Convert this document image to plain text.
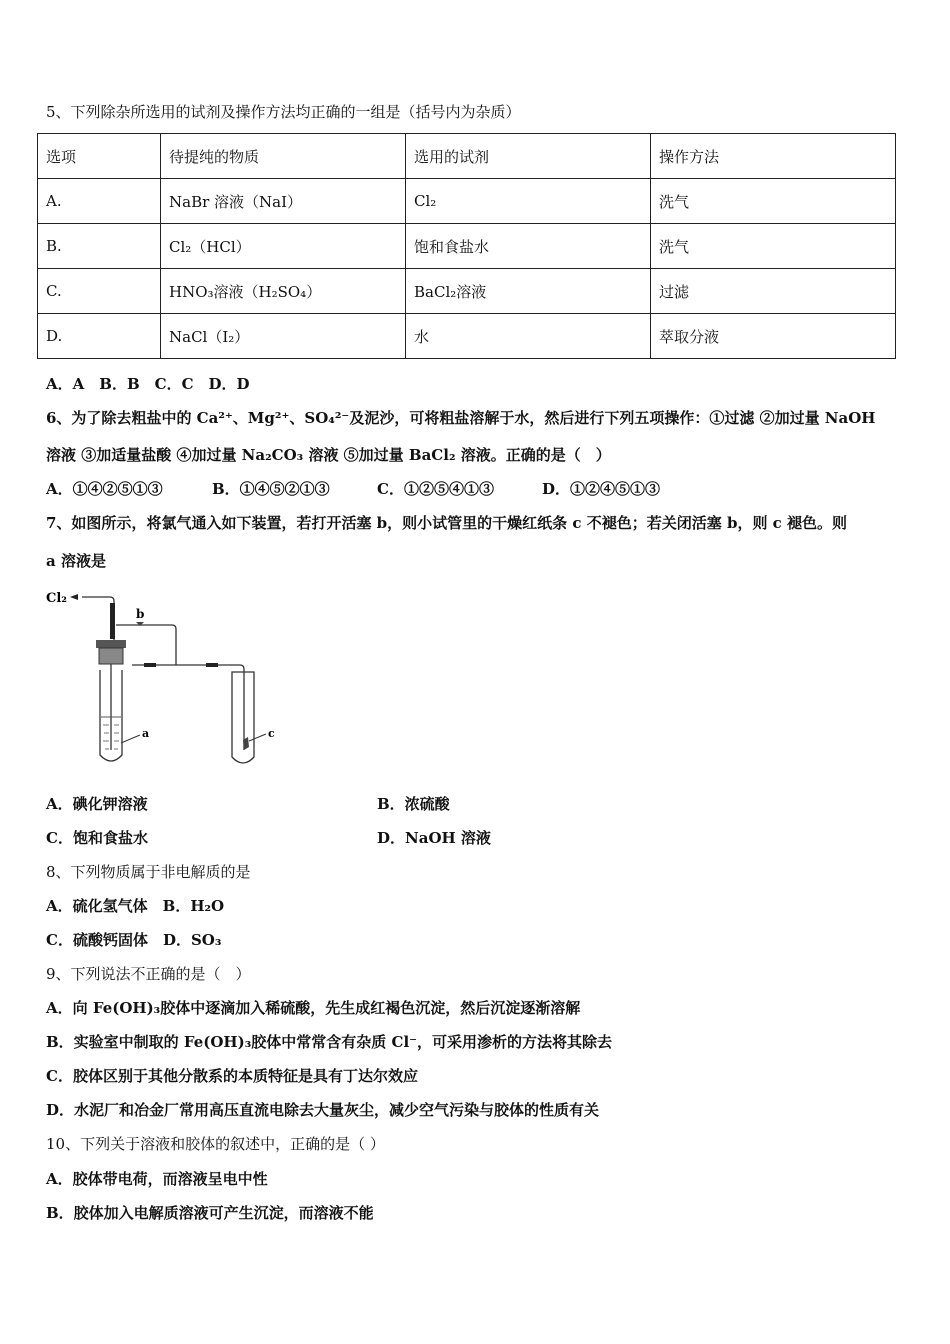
5、下列除杂所选用的试剂及操作方法均正确的一组是（括号内为杂质）
选项	待提纯的物质	选用的试剂	操作方法
A.	NaBr 溶液（NaI）	Cl₂	洗气
B.	Cl₂（HCl）	饱和食盐水	洗气
C.	HNO₃溶液（H₂SO₄）	BaCl₂溶液	过滤
D.	NaCl（I₂）	水	萃取分液
A．A　B．B　C．C　D．D
6、为了除去粗盐中的 Ca²⁺、Mg²⁺、SO₄²⁻及泥沙，可将粗盐溶解于水，然后进行下列五项操作：①过滤 ②加过量 NaOH
溶液 ③加适量盐酸 ④加过量 Na₂CO₃ 溶液 ⑤加过量 BaCl₂ 溶液。正确的是（　）
A．①④②⑤①③	B．①④⑤②①③	C．①②⑤④①③	D．①②④⑤①③
7、如图所示，将氯气通入如下装置，若打开活塞 b，则小试管里的干燥红纸条 c 不褪色；若关闭活塞 b，则 c 褪色。则
a 溶液是
Cl₂
b
a	c
A．碘化钾溶液	B．浓硫酸
C．饱和食盐水	D．NaOH 溶液
8、下列物质属于非电解质的是
A．硫化氢气体　B．H₂O
C．硫酸钙固体　D．SO₃
9、下列说法不正确的是（　）
A．向 Fe(OH)₃胶体中逐滴加入稀硫酸，先生成红褐色沉淀，然后沉淀逐渐溶解
B．实验室中制取的 Fe(OH)₃胶体中常常含有杂质 Cl⁻，可采用渗析的方法将其除去
C．胶体区别于其他分散系的本质特征是具有丁达尔效应
D．水泥厂和冶金厂常用高压直流电除去大量灰尘，减少空气污染与胶体的性质有关
10、下列关于溶液和胶体的叙述中，正确的是（ ）
A．胶体带电荷，而溶液呈电中性
B．胶体加入电解质溶液可产生沉淀，而溶液不能
